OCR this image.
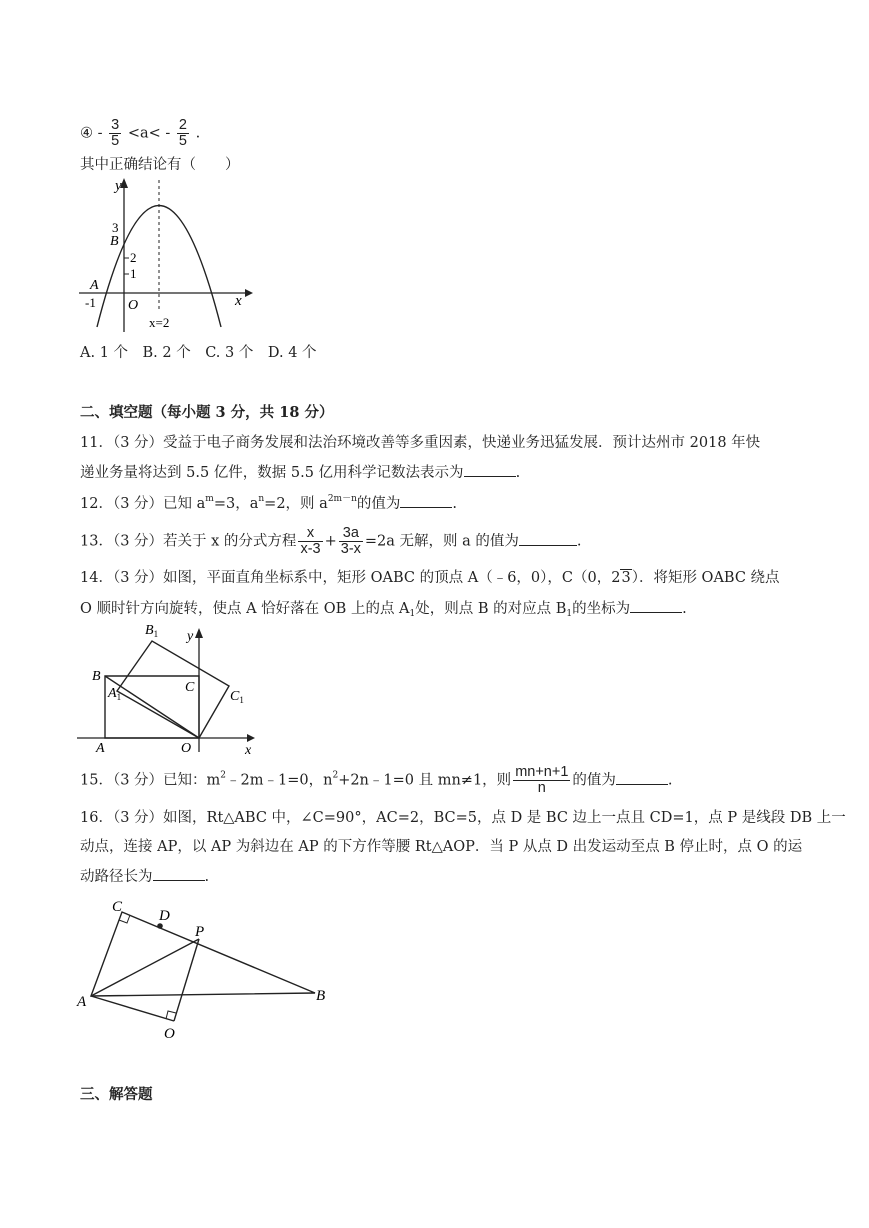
④ - $\frac{3}{5} <a< - \frac{2}{5}$ .
其中正确结论有（　　）
y
x
O
A
B
3
2
1
-1
x=2
A. 1 个　B. 2 个　C. 3 个　D. 4 个
二、填空题（每小题 3 分，共 18 分）
11．（3 分）受益于电子商务发展和法治环境改善等多重因素，快递业务迅猛发展．预计达州市 2018 年快
递业务量将达到 5.5 亿件，数据 5.5 亿用科学记数法表示为	.
12．（3 分）已知 $a^m=3$，$a^n=2$，则 $a^{2m-n}$的值为	.
13．（3 分）若关于 x 的分式方程 $\frac{x}{x-3} + \frac{3a}{3-x} =2a$ 无解，则 a 的值为	.
14．（3 分）如图，平面直角坐标系中，矩形 OABC 的顶点 A（﹣6，0），C（0，23）．将矩形 OABC 绕点
O 顺时针方向旋转，使点 A 恰好落在 OB 上的点 $A_1$处，则点 B 的对应点 $B_1$的坐标为	.
$B_1$ y
B
$A_1$
C
$C_1$
A	O	x
15．（3 分）已知：$m^2﹣2m﹣1=0$，$n^2+2n﹣1=0$ 且 mn≠1，则 $\frac{mn+n+1}{n}$ 的值为	.
16．（3 分）如图，Rt△ABC 中，∠C=90°，AC=2，BC=5，点 D 是 BC 边上一点且 CD=1，点 P 是线段 DB 上一
动点，连接 AP，以 AP 为斜边在 AP 的下方作等腰 Rt△AOP．当 P 从点 D 出发运动至点 B 停止时，点 O 的运
动路径长为	.
C
D
P
A	B
O
三、解答题
